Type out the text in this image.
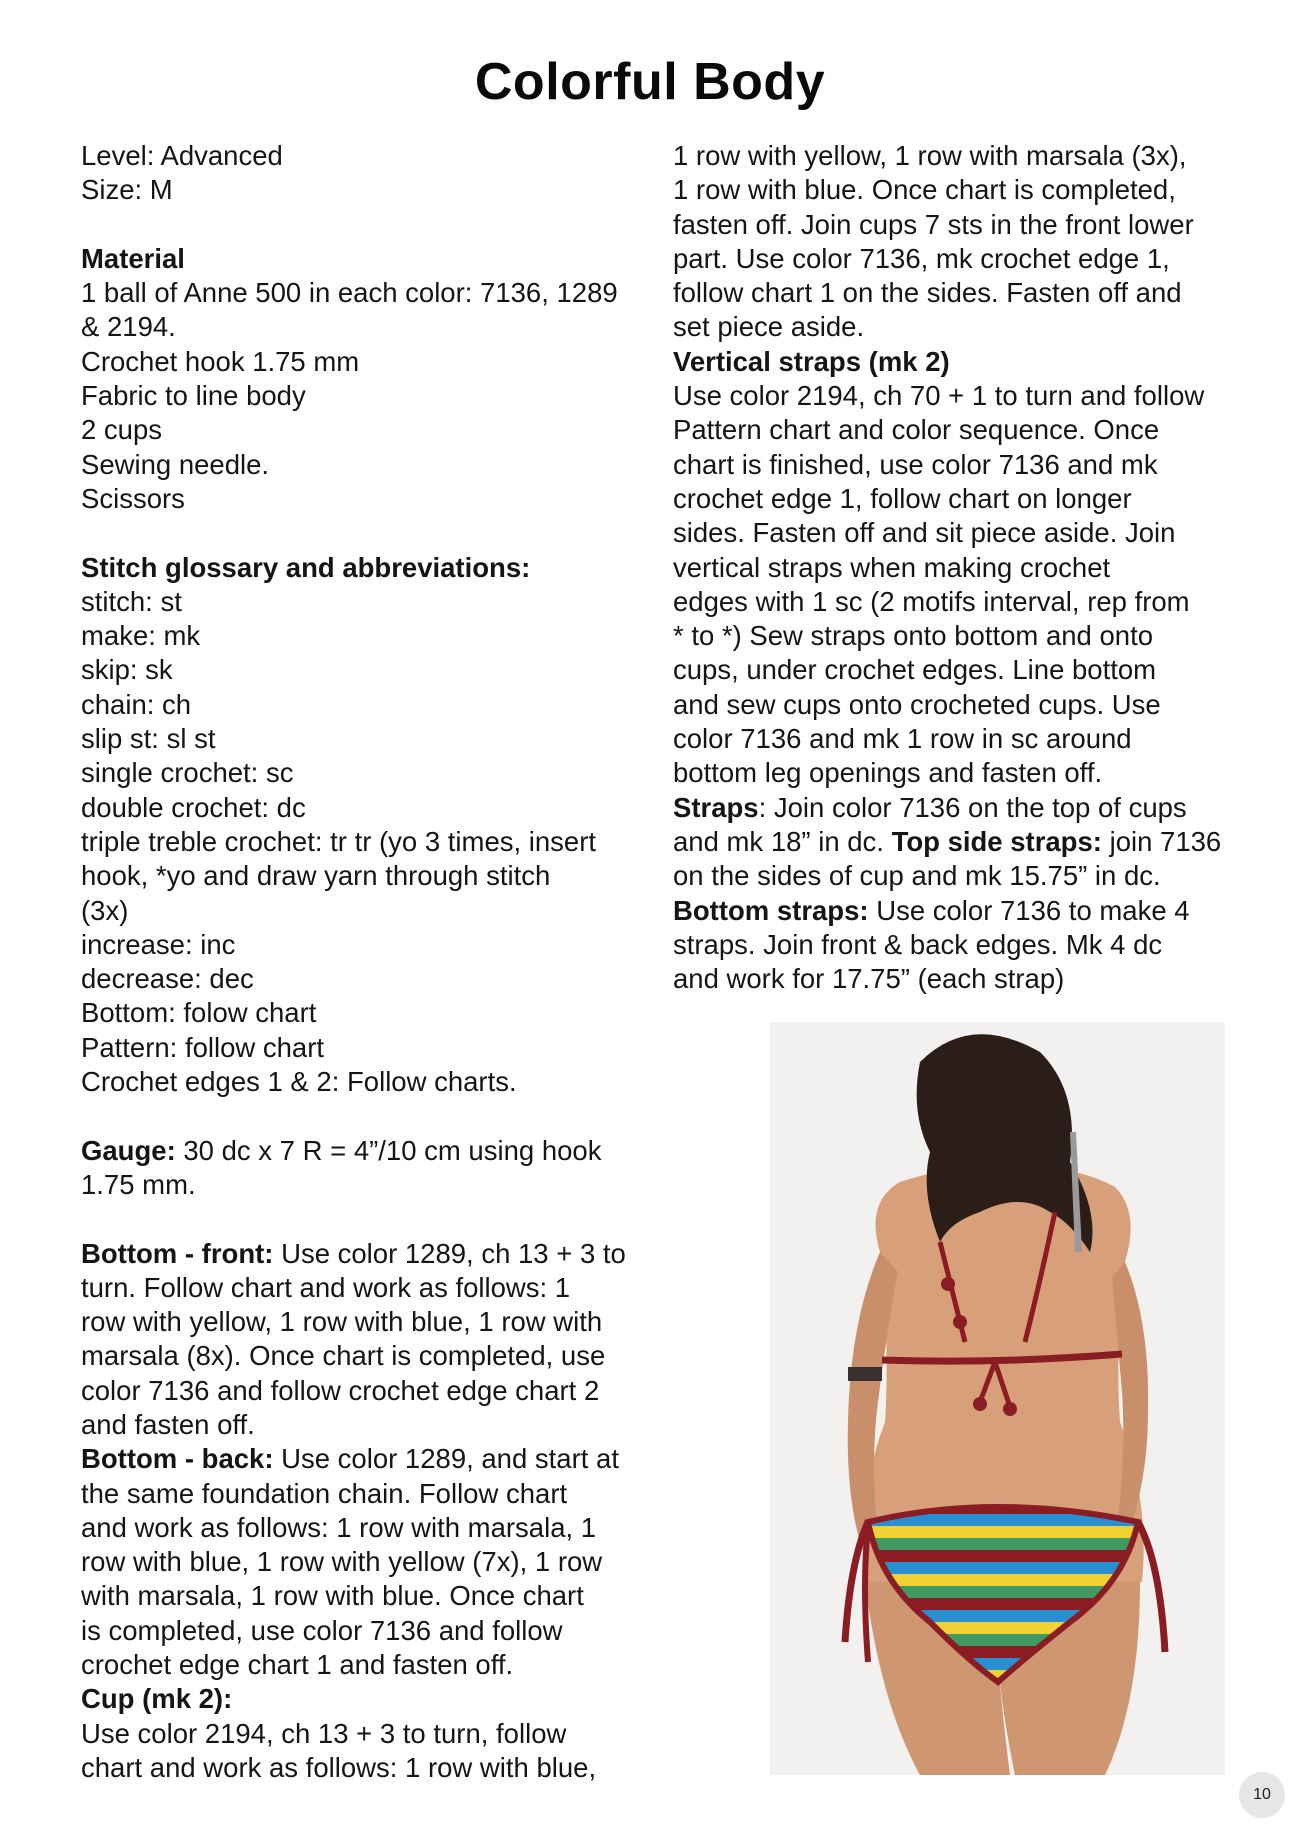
Colorful Body
Level: Advanced
Size: M
Material
1 ball of Anne 500 in each color: 7136, 1289
& 2194.
Crochet hook 1.75 mm
Fabric to line body
2 cups
Sewing needle.
Scissors
Stitch glossary and abbreviations:
stitch: st
make: mk
skip: sk
chain: ch
slip st: sl st
single crochet: sc
double crochet: dc
triple treble crochet: tr tr (yo 3 times, insert
hook, *yo and draw yarn through stitch
(3x)
increase: inc
decrease: dec
Bottom: folow chart
Pattern: follow chart
Crochet edges 1 & 2: Follow charts.
Gauge: 30 dc x 7 R = 4”/10 cm using hook
1.75 mm.
Bottom - front: Use color 1289, ch 13 + 3 to
turn. Follow chart and work as follows: 1
row with yellow, 1 row with blue, 1 row with
marsala (8x). Once chart is completed, use
color 7136 and follow crochet edge chart 2
and fasten off.
Bottom - back: Use color 1289, and start at
the same foundation chain. Follow chart
and work as follows: 1 row with marsala, 1
row with blue, 1 row with yellow (7x), 1 row
with marsala, 1 row with blue. Once chart
is completed, use color 7136 and follow
crochet edge chart 1 and fasten off.
Cup (mk 2):
Use color 2194, ch 13 + 3 to turn, follow
chart and work as follows: 1 row with blue,
1 row with yellow, 1 row with marsala (3x),
1 row with blue. Once chart is completed,
fasten off. Join cups 7 sts in the front lower
part. Use color 7136, mk crochet edge 1,
follow chart 1 on the sides. Fasten off and
set piece aside.
Vertical straps (mk 2)
Use color 2194, ch 70 + 1 to turn and follow
Pattern chart and color sequence. Once
chart is finished, use color 7136 and mk
crochet edge 1, follow chart on longer
sides. Fasten off and sit piece aside. Join
vertical straps when making crochet
edges with 1 sc (2 motifs interval, rep from
* to *) Sew straps onto bottom and onto
cups, under crochet edges. Line bottom
and sew cups onto crocheted cups. Use
color 7136 and mk 1 row in sc around
bottom leg openings and fasten off.
Straps: Join color 7136 on the top of cups
and mk 18” in dc. Top side straps: join 7136
on the sides of cup and mk 15.75” in dc.
Bottom straps: Use color 7136 to make 4
straps. Join front & back edges. Mk 4 dc
and work for 17.75” (each strap)
10
